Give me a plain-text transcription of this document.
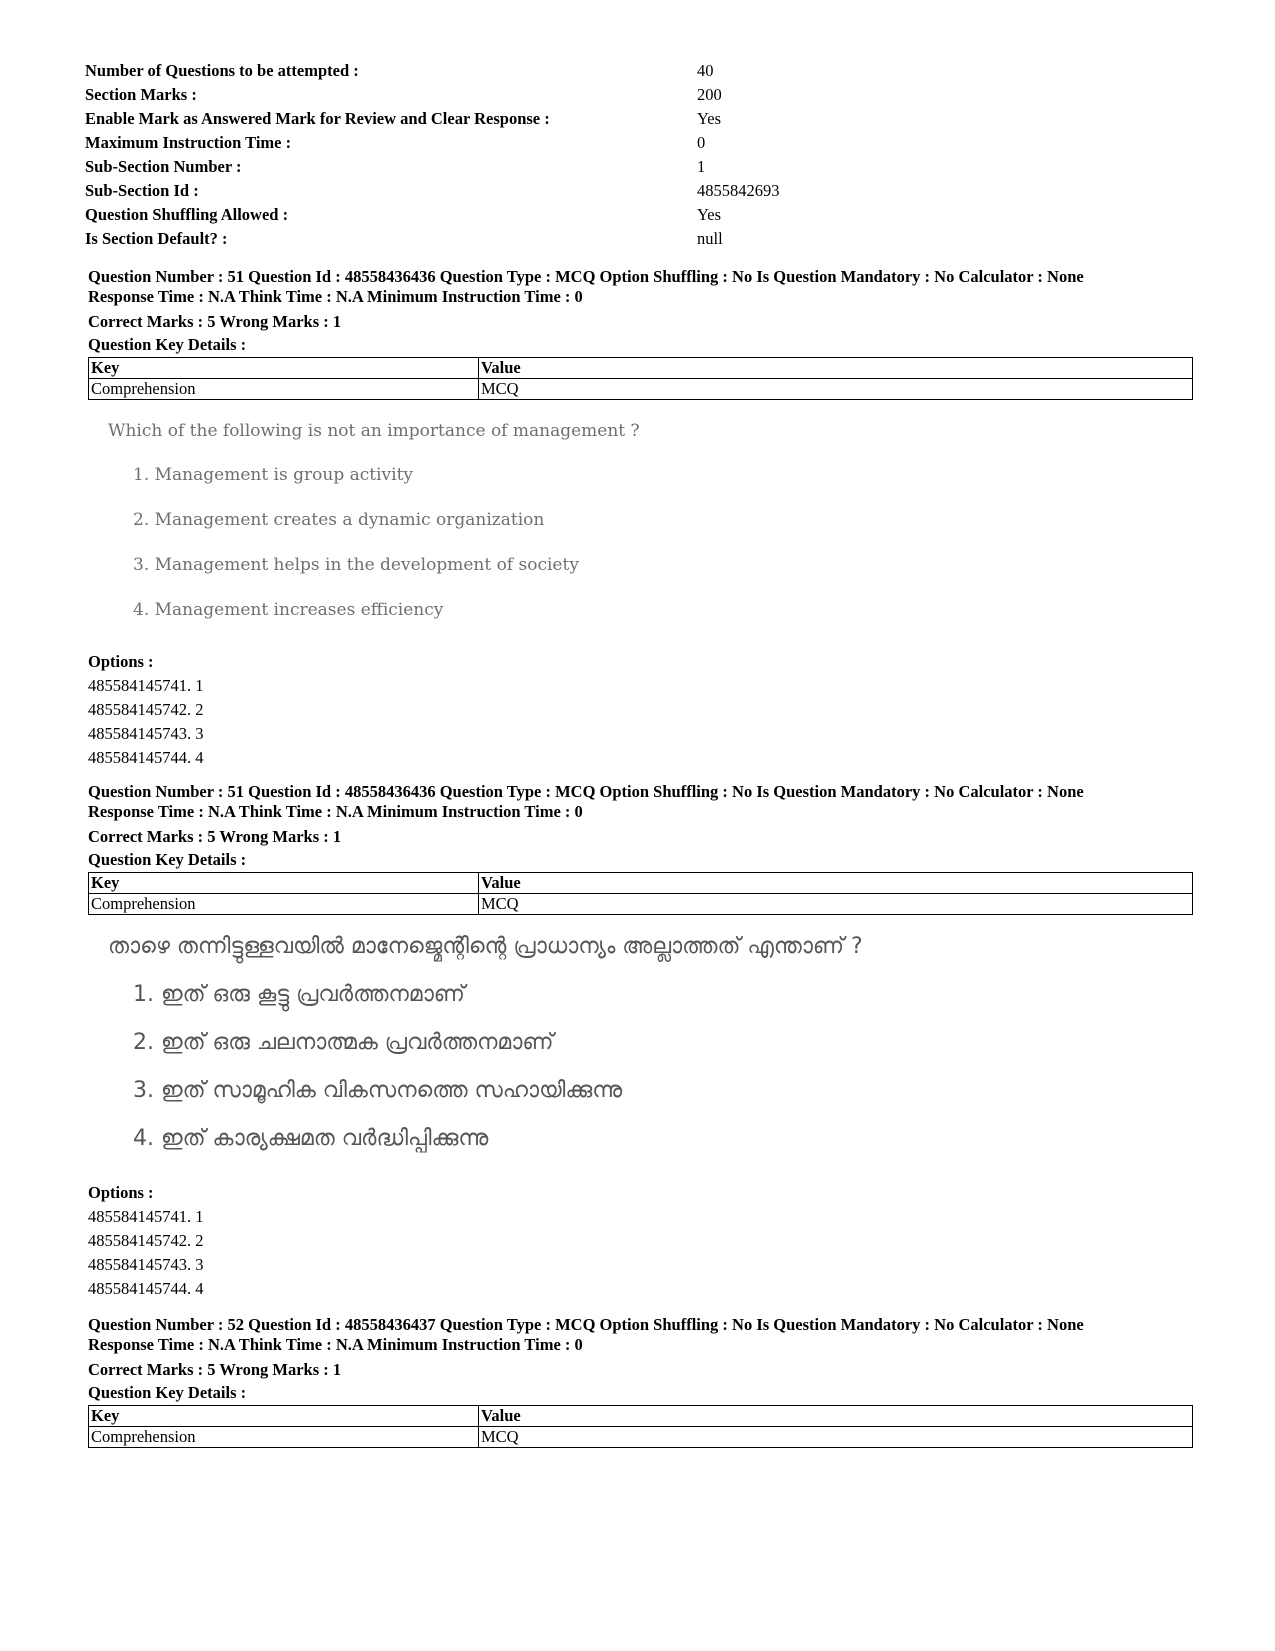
Number of Questions to be attempted :	40
Section Marks :	200
Enable Mark as Answered Mark for Review and Clear Response :	Yes
Maximum Instruction Time :	0
Sub-Section Number :	1
Sub-Section Id :	4855842693
Question Shuffling Allowed :	Yes
Is Section Default? :	null
Question Number : 51 Question Id : 48558436436 Question Type : MCQ Option Shuffling : No Is Question Mandatory : No Calculator : None
Response Time : N.A Think Time : N.A Minimum Instruction Time : 0
Correct Marks : 5 Wrong Marks : 1
Question Key Details :
Key	Value
Comprehension	MCQ
Which of the following is not an importance of management ?
1. Management is group activity
2. Management creates a dynamic organization
3. Management helps in the development of society
4. Management increases efficiency
Options :
485584145741. 1
485584145742. 2
485584145743. 3
485584145744. 4
Question Number : 51 Question Id : 48558436436 Question Type : MCQ Option Shuffling : No Is Question Mandatory : No Calculator : None
Response Time : N.A Think Time : N.A Minimum Instruction Time : 0
Correct Marks : 5 Wrong Marks : 1
Question Key Details :
Key	Value
Comprehension	MCQ
താഴെ തന്നിട്ടുള്ളവയിൽ മാനേജ്മെന്റിന്റെ പ്രാധാന്യം അല്ലാത്തത് എന്താണ് ?
1. ഇത് ഒരു കൂട്ടു പ്രവർത്തനമാണ്
2. ഇത് ഒരു ചലനാത്മക പ്രവർത്തനമാണ്
3. ഇത് സാമൂഹിക വികസനത്തെ സഹായിക്കുന്നു
4. ഇത് കാര്യക്ഷമത വർദ്ധിപ്പിക്കുന്നു
Options :
485584145741. 1
485584145742. 2
485584145743. 3
485584145744. 4
Question Number : 52 Question Id : 48558436437 Question Type : MCQ Option Shuffling : No Is Question Mandatory : No Calculator : None
Response Time : N.A Think Time : N.A Minimum Instruction Time : 0
Correct Marks : 5 Wrong Marks : 1
Question Key Details :
Key	Value
Comprehension	MCQ
